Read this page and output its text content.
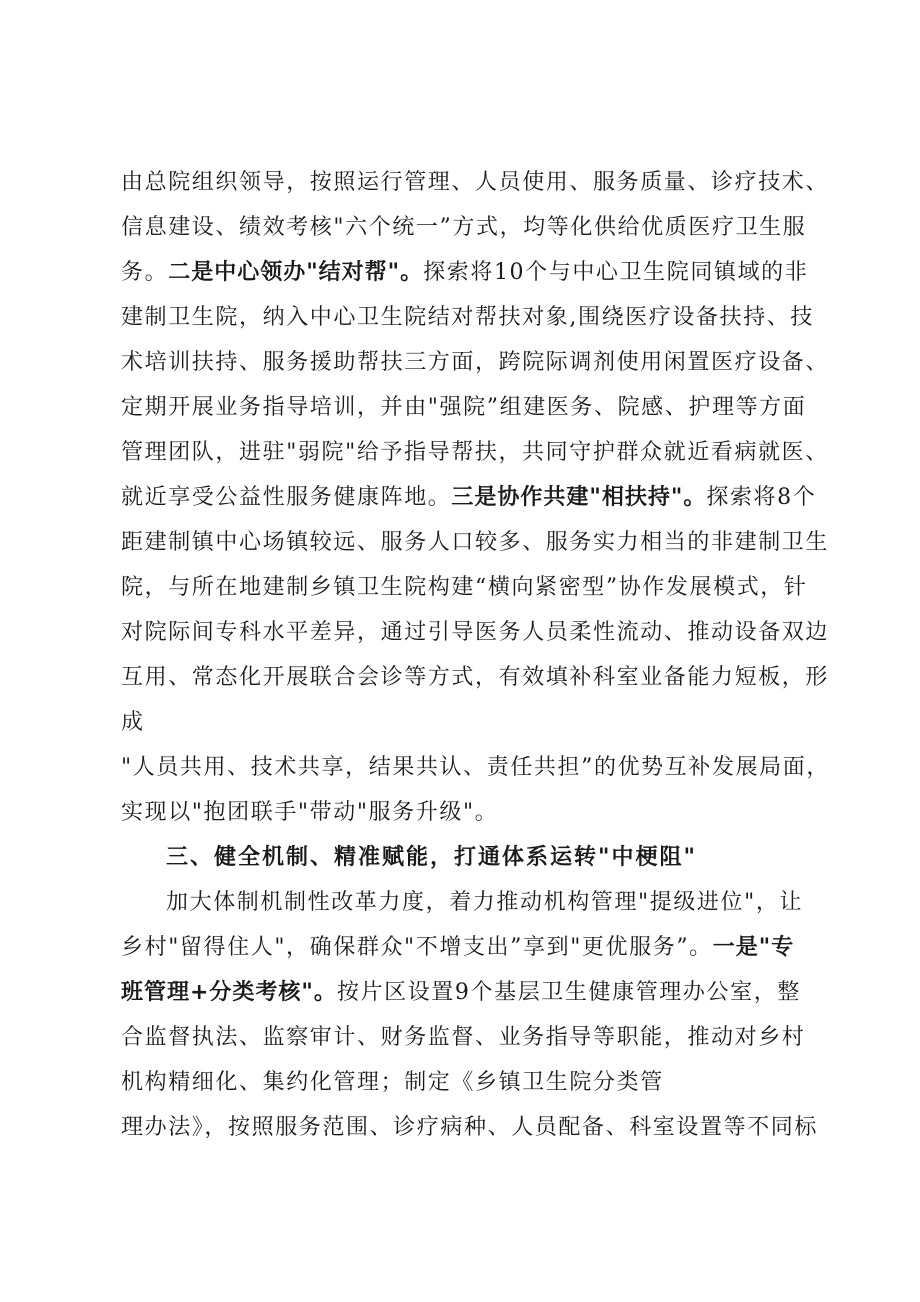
由总院组织领导，按照运行管理、人员使用、服务质量、诊疗技术、
信息建设、绩效考核"六个统一”方式，均等化供给优质医疗卫生服
务。二是中心领办"结对帮"。探索将10个与中心卫生院同镇域的非
建制卫生院，纳入中心卫生院结对帮扶对象,围绕医疗设备扶持、技
术培训扶持、服务援助帮扶三方面，跨院际调剂使用闲置医疗设备、
定期开展业务指导培训，并由"强院”组建医务、院感、护理等方面
管理团队，进驻"弱院"给予指导帮扶，共同守护群众就近看病就医、
就近享受公益性服务健康阵地。三是协作共建"相扶持"。探索将8个
距建制镇中心场镇较远、服务人口较多、服务实力相当的非建制卫生
院，与所在地建制乡镇卫生院构建“横向紧密型”协作发展模式，针
对院际间专科水平差异，通过引导医务人员柔性流动、推动设备双边
互用、常态化开展联合会诊等方式，有效填补科室业备能力短板，形
成
"人员共用、技术共享，结果共认、责任共担”的优势互补发展局面，
实现以"抱团联手"带动"服务升级"。
三、健全机制、精准赋能，打通体系运转"中梗阻"
加大体制机制性改革力度，着力推动机构管理"提级进位"，让
乡村"留得住人"，确保群众"不增支出”享到"更优服务”。一是"专
班管理+分类考核"。按片区设置9个基层卫生健康管理办公室，整
合监督执法、监察审计、财务监督、业务指导等职能，推动对乡村
机构精细化、集约化管理；制定《乡镇卫生院分类管
理办法》，按照服务范围、诊疗病种、人员配备、科室设置等不同标
